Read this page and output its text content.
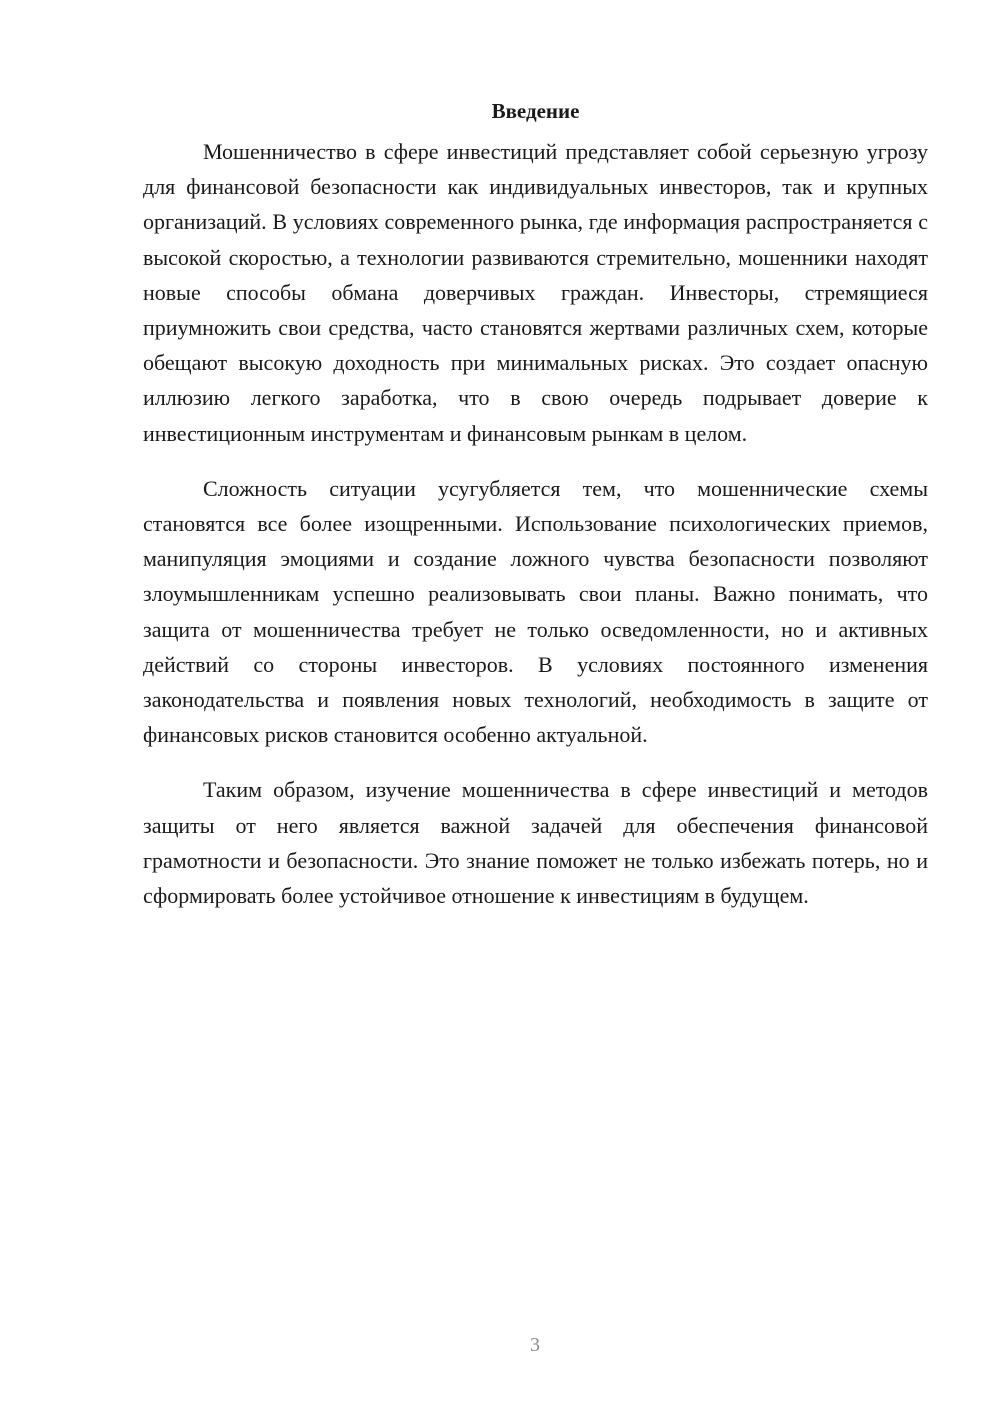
Введение

Мошенничество в сфере инвестиций представляет собой серьезную угрозу для финансовой безопасности как индивидуальных инвесторов, так и крупных организаций. В условиях современного рынка, где информация распространяется с высокой скоростью, а технологии развиваются стремительно, мошенники находят новые способы обмана доверчивых граждан. Инвесторы, стремящиеся приумножить свои средства, часто становятся жертвами различных схем, которые обещают высокую доходность при минимальных рисках. Это создает опасную иллюзию легкого заработка, что в свою очередь подрывает доверие к инвестиционным инструментам и финансовым рынкам в целом.

Сложность ситуации усугубляется тем, что мошеннические схемы становятся все более изощренными. Использование психологических приемов, манипуляция эмоциями и создание ложного чувства безопасности позволяют злоумышленникам успешно реализовывать свои планы. Важно понимать, что защита от мошенничества требует не только осведомленности, но и активных действий со стороны инвесторов. В условиях постоянного изменения законодательства и появления новых технологий, необходимость в защите от финансовых рисков становится особенно актуальной.

Таким образом, изучение мошенничества в сфере инвестиций и методов защиты от него является важной задачей для обеспечения финансовой грамотности и безопасности. Это знание поможет не только избежать потерь, но и сформировать более устойчивое отношение к инвестициям в будущем.

3
